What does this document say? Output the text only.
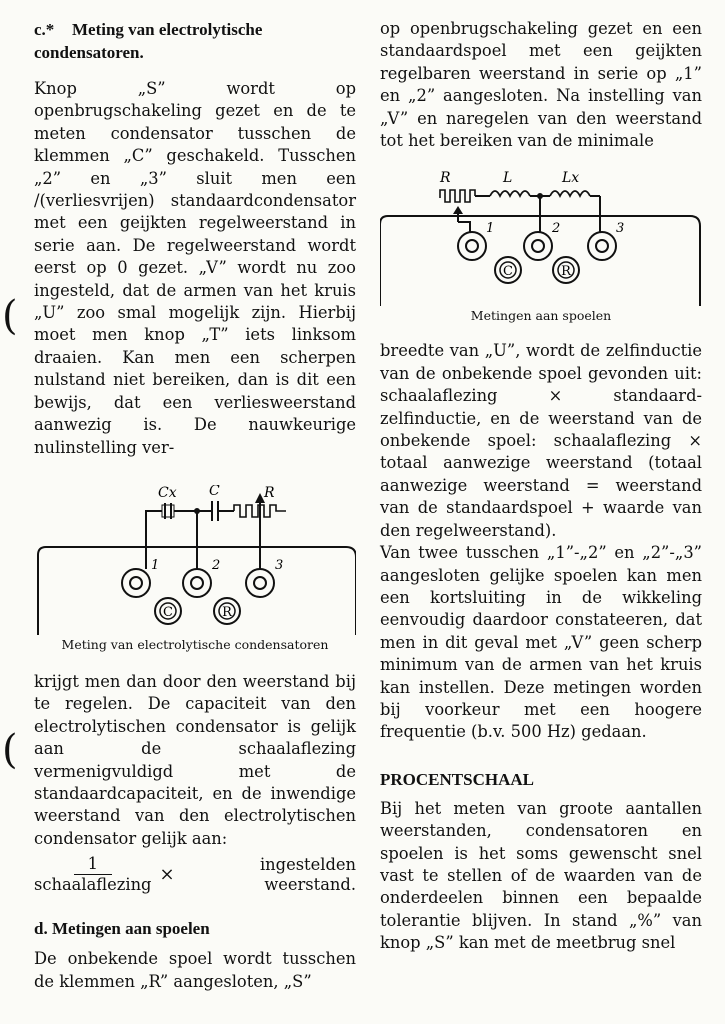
c.* Meting van electrolytische condensatoren.

Knop „S” wordt op openbrugschakeling gezet en de te meten condensator tusschen de klemmen „C” geschakeld. Tusschen „2” en „3” sluit men een /(verliesvrijen) standaardcondensator met een geijkten regelweerstand in serie aan. De regelweerstand wordt eerst op 0 gezet. „V” wordt nu zoo ingesteld, dat de armen van het kruis „U” zoo smal mogelijk zijn. Hierbij moet men knop „T” iets linksom draaien. Kan men een scherpen nulstand niet bereiken, dan is dit een bewijs, dat een verliesweerstand aanwezig is. De nauwkeurige nulinstelling ver-

Cx C	R
1	2	3
C	R
Meting van electrolytische condensatoren

krijgt men dan door den weerstand bij te regelen. De capaciteit van den electrolytischen condensator is gelijk aan de schaalaflezing vermenigvuldigd met de standaardcapaciteit, en de inwendige weerstand van den electrolytischen condensator gelijk aan:

$\frac{1}{\text{schaalaflezing}}$ ×	ingestelden weerstand.
d. Metingen aan spoelen

De onbekende spoel wordt tusschen de klemmen „R” aangesloten, „S”

op openbrugschakeling gezet en een standaardspoel met een geijkten regelbaren weerstand in serie op „1” en „2” aangesloten. Na instelling van „V” en naregelen van den weerstand tot het bereiken van de minimale

R	L	Lx
1	2	3
C	R
Metingen aan spoelen

breedte van „U”, wordt de zelfinductie van de onbekende spoel gevonden uit: schaalaflezing × standaard-zelfinductie, en de weerstand van de onbekende spoel: schaalaflezing × totaal aanwezige weerstand (totaal aanwezige weerstand = weerstand van de standaardspoel + waarde van den regelweerstand).

Van twee tusschen „1”-„2” en „2”-„3” aangesloten gelijke spoelen kan men een kortsluiting in de wikkeling eenvoudig daardoor constateeren, dat men in dit geval met „V” geen scherp minimum van de armen van het kruis kan instellen. Deze metingen worden bij voorkeur met een hoogere frequentie (b.v. 500 Hz) gedaan.

PROCENTSCHAAL

Bij het meten van groote aantallen weerstanden, condensatoren en spoelen is het soms gewenscht snel vast te stellen of de waarden van de onderdeelen binnen een bepaalde tolerantie blijven. In stand „%” van knop „S” kan met de meetbrug snel

(
(
